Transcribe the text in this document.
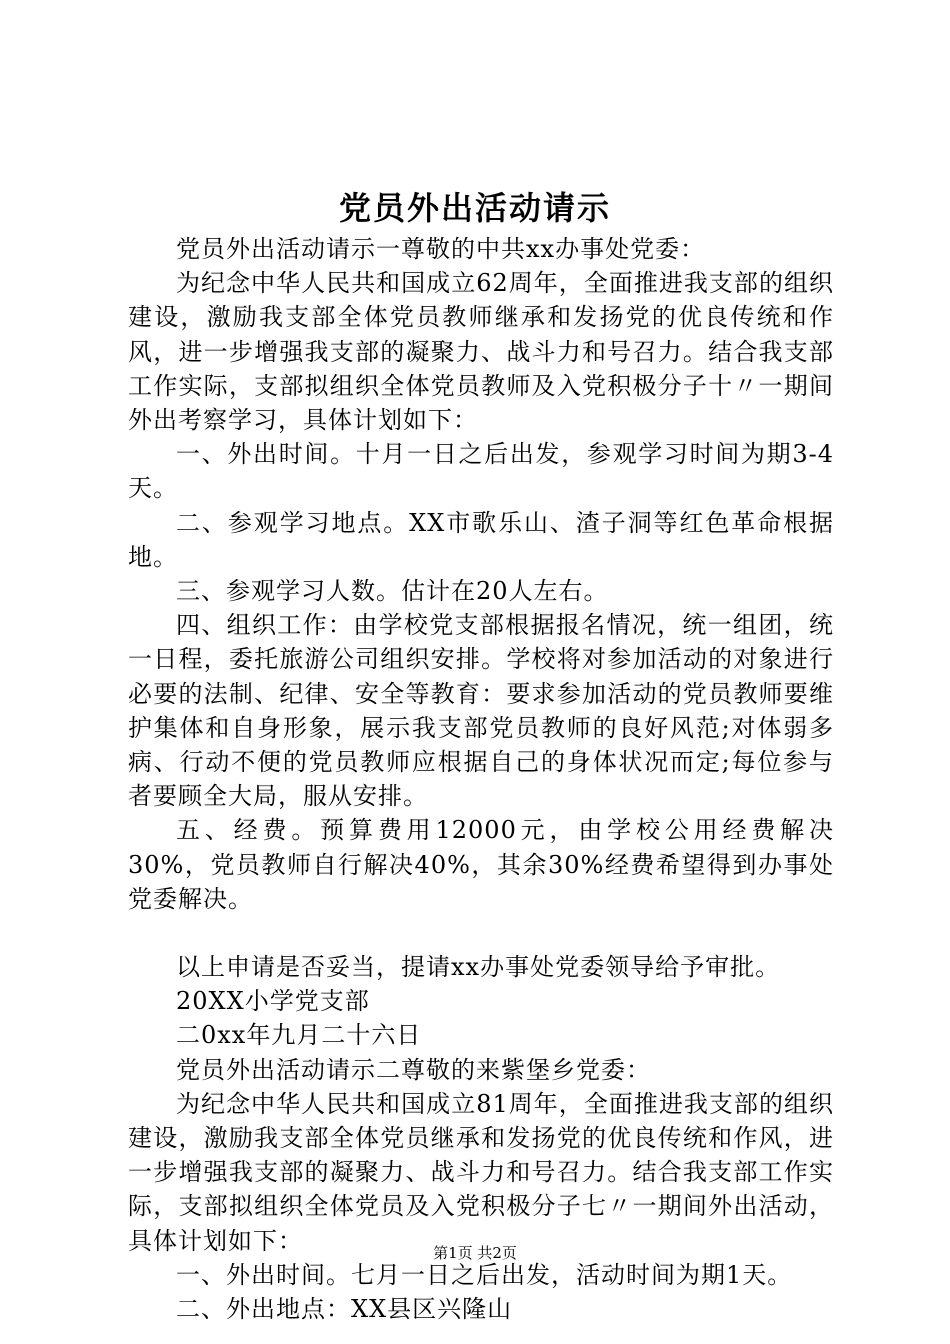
党员外出活动请示

党员外出活动请示一尊敬的中共xx办事处党委：

为纪念中华人民共和国成立62周年，全面推进我支部的组织建设，激励我支部全体党员教师继承和发扬党的优良传统和作风，进一步增强我支部的凝聚力、战斗力和号召力。结合我支部工作实际，支部拟组织全体党员教师及入党积极分子十〃一期间外出考察学习，具体计划如下：

一、外出时间。十月一日之后出发，参观学习时间为期3-4天。

二、参观学习地点。XX市歌乐山、渣子洞等红色革命根据地。

三、参观学习人数。估计在20人左右。

四、组织工作：由学校党支部根据报名情况，统一组团，统一日程，委托旅游公司组织安排。学校将对参加活动的对象进行必要的法制、纪律、安全等教育：要求参加活动的党员教师要维护集体和自身形象，展示我支部党员教师的良好风范;对体弱多病、行动不便的党员教师应根据自己的身体状况而定;每位参与者要顾全大局，服从安排。

五、经费。预算费用12000元，由学校公用经费解决30%，党员教师自行解决40%，其余30%经费希望得到办事处党委解决。

以上申请是否妥当，提请xx办事处党委领导给予审批。

20XX小学党支部

二0xx年九月二十六日

党员外出活动请示二尊敬的来紫堡乡党委：

为纪念中华人民共和国成立81周年，全面推进我支部的组织建设，激励我支部全体党员继承和发扬党的优良传统和作风，进一步增强我支部的凝聚力、战斗力和号召力。结合我支部工作实际，支部拟组织全体党员及入党积极分子七〃一期间外出活动，具体计划如下：

一、外出时间。七月一日之后出发，活动时间为期1天。

二、外出地点：XX县区兴隆山

第1页 共2页
